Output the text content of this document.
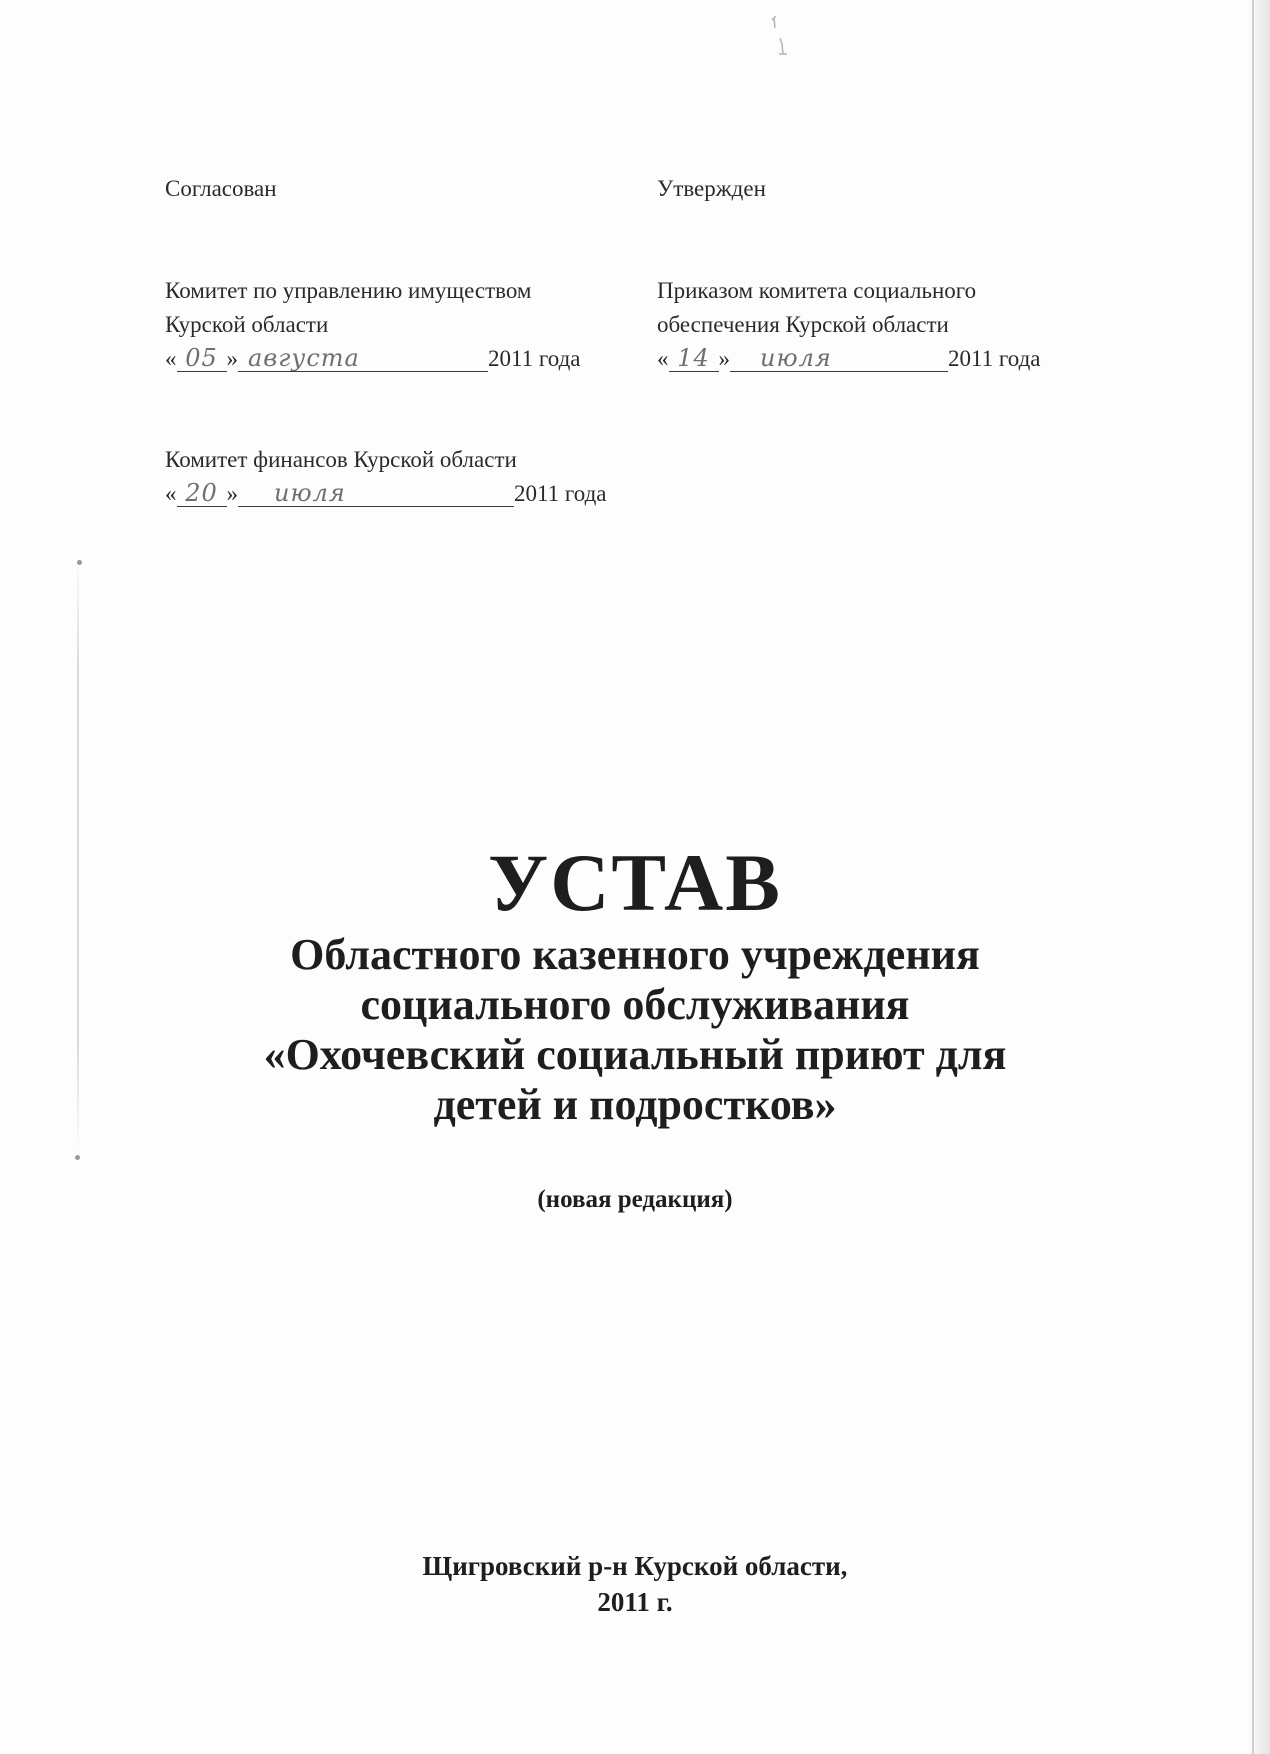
Согласован
Комитет по управлению имуществом
Курской области
« 05 » августа	2011 года
Комитет финансов Курской области
« 20 »	июля	2011 года
Утвержден
Приказом комитета социального
обеспечения Курской области
« 14 »	июля	2011 года
УСТАВ
Областного казенного учреждения
социального обслуживания
«Охочевский социальный приют для
детей и подростков»
(новая редакция)
Щигровский р-н Курской области,
2011 г.
